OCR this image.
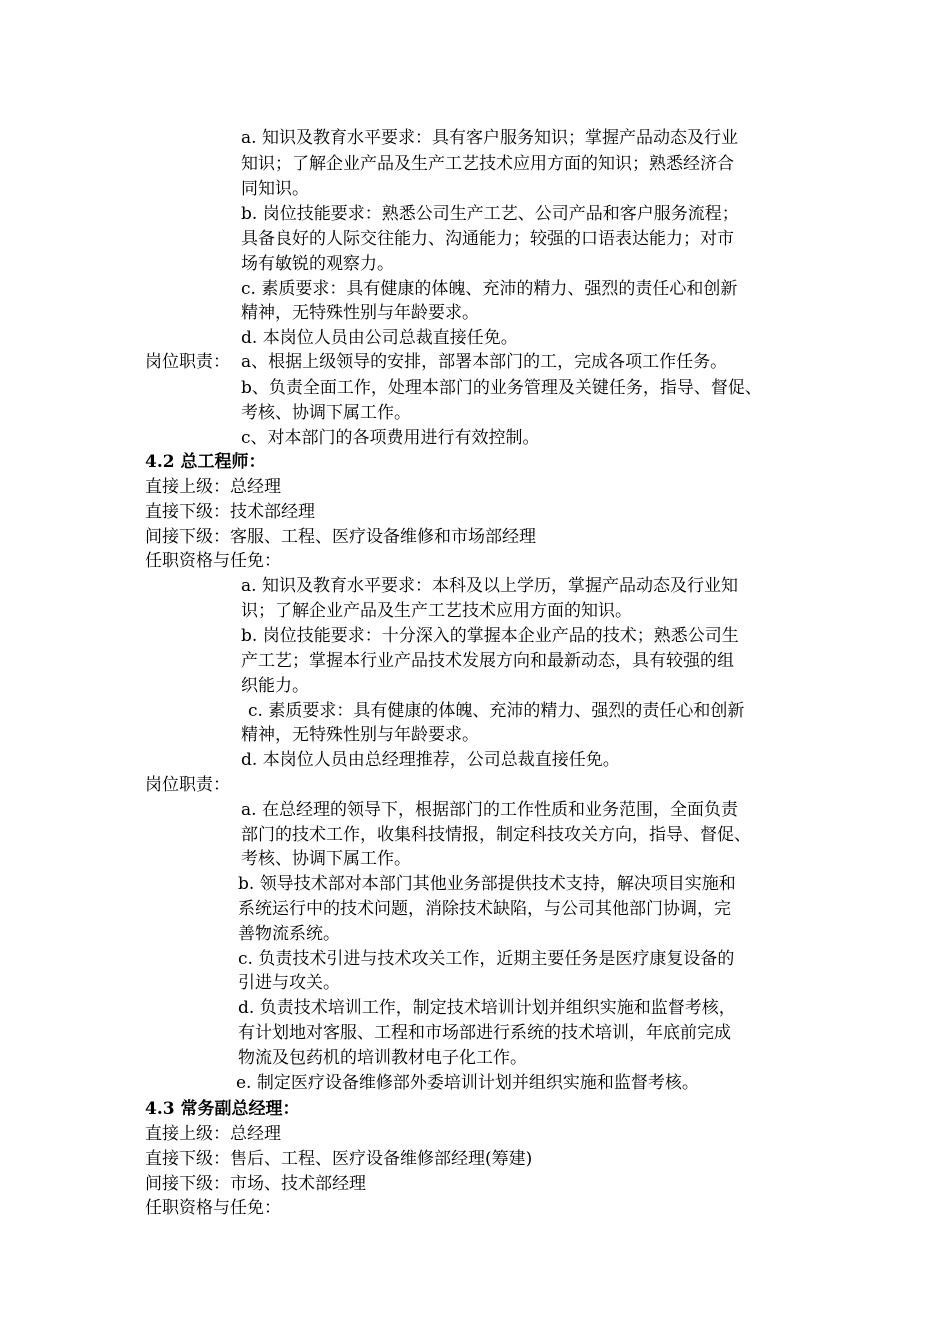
a. 知识及教育水平要求：具有客户服务知识；掌握产品动态及行业
知识；了解企业产品及生产工艺技术应用方面的知识；熟悉经济合
同知识。
b. 岗位技能要求：熟悉公司生产工艺、公司产品和客户服务流程；
具备良好的人际交往能力、沟通能力；较强的口语表达能力；对市
场有敏锐的观察力。
c. 素质要求：具有健康的体魄、充沛的精力、强烈的责任心和创新
精神，无特殊性别与年龄要求。
d. 本岗位人员由公司总裁直接任免。
岗位职责： a、根据上级领导的安排，部署本部门的工，完成各项工作任务。
b、负责全面工作，处理本部门的业务管理及关键任务，指导、督促、
考核、协调下属工作。
c、对本部门的各项费用进行有效控制。
4.2 总工程师：
直接上级：总经理
直接下级：技术部经理
间接下级：客服、工程、医疗设备维修和市场部经理
任职资格与任免：
a. 知识及教育水平要求：本科及以上学历，掌握产品动态及行业知
识；了解企业产品及生产工艺技术应用方面的知识。
b. 岗位技能要求：十分深入的掌握本企业产品的技术；熟悉公司生
产工艺；掌握本行业产品技术发展方向和最新动态，具有较强的组
织能力。
c. 素质要求：具有健康的体魄、充沛的精力、强烈的责任心和创新
精神，无特殊性别与年龄要求。
d. 本岗位人员由总经理推荐，公司总裁直接任免。
岗位职责：
a. 在总经理的领导下，根据部门的工作性质和业务范围，全面负责
部门的技术工作，收集科技情报，制定科技攻关方向，指导、督促、
考核、协调下属工作。
b. 领导技术部对本部门其他业务部提供技术支持，解决项目实施和
系统运行中的技术问题，消除技术缺陷，与公司其他部门协调，完
善物流系统。
c. 负责技术引进与技术攻关工作，近期主要任务是医疗康复设备的
引进与攻关。
d. 负责技术培训工作，制定技术培训计划并组织实施和监督考核，
有计划地对客服、工程和市场部进行系统的技术培训，年底前完成
物流及包药机的培训教材电子化工作。
e. 制定医疗设备维修部外委培训计划并组织实施和监督考核。
4.3 常务副总经理：
直接上级：总经理
直接下级：售后、工程、医疗设备维修部经理(筹建)
间接下级：市场、技术部经理
任职资格与任免：
